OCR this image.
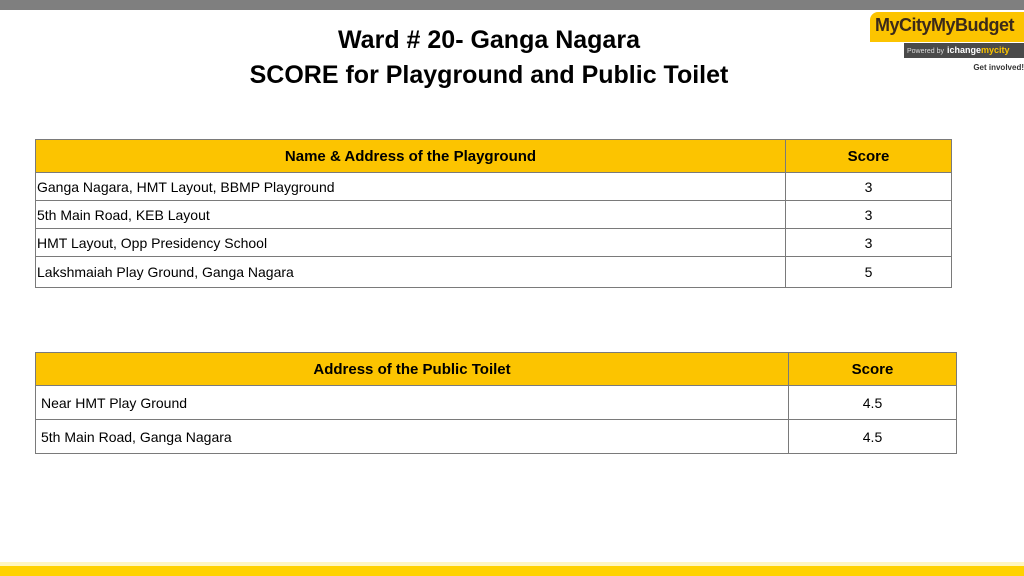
Ward # 20- Ganga Nagara
SCORE for Playground and Public Toilet
MyCityMyBudget
Powered by ichangemycity
Get involved!
Name & Address of the Playground	Score
Ganga Nagara, HMT Layout, BBMP Playground	3
5th Main Road, KEB Layout	3
HMT Layout, Opp Presidency School	3
Lakshmaiah Play Ground, Ganga Nagara	5
Address of the Public Toilet	Score
Near HMT Play Ground	4.5
5th Main Road, Ganga Nagara	4.5
